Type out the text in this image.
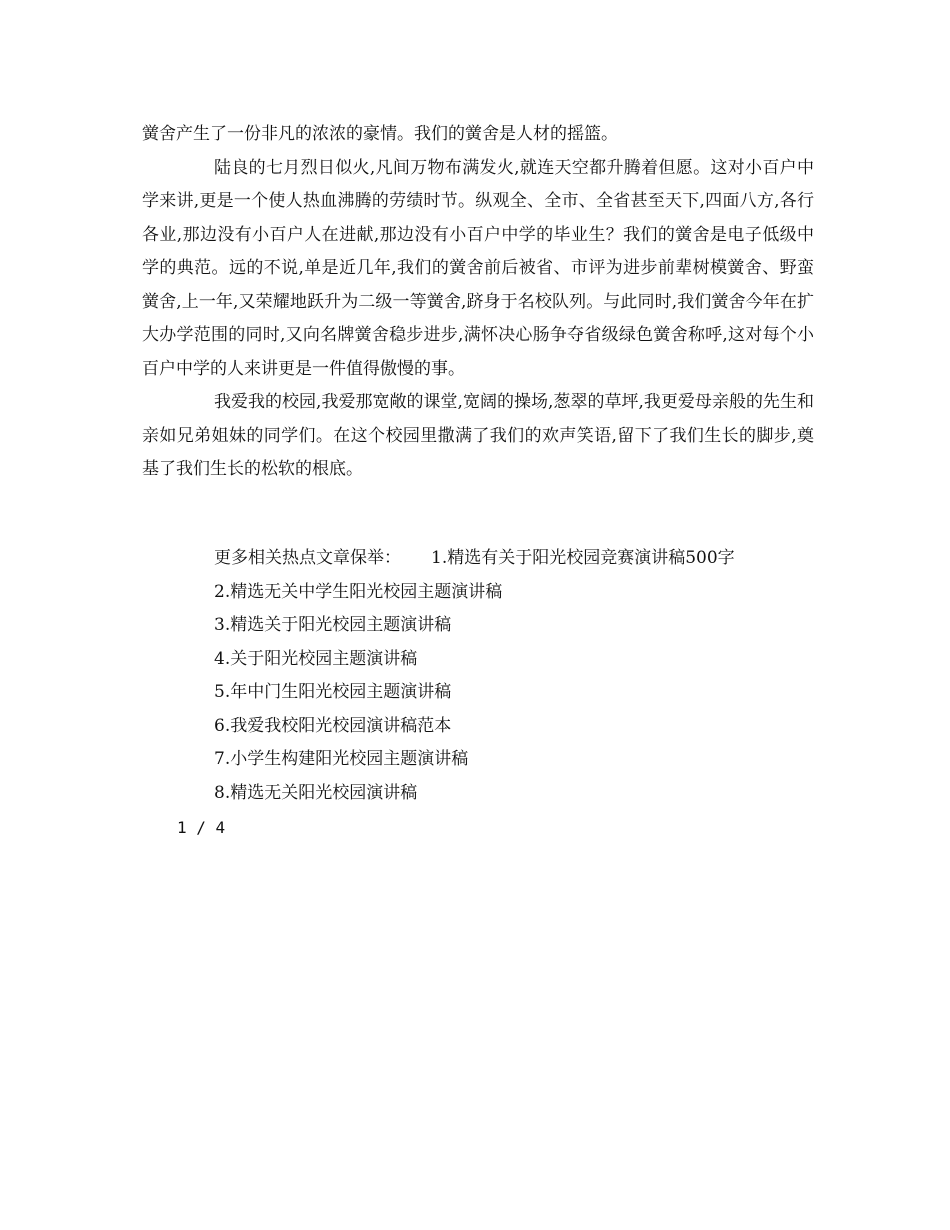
黉舍产生了一份非凡的浓浓的豪情。我们的黉舍是人材的摇篮。

陆良的七月烈日似火,凡间万物布满发火,就连天空都升腾着但愿。这对小百户中学来讲,更是一个使人热血沸腾的劳绩时节。纵观全、全市、全省甚至天下,四面八方,各行各业,那边没有小百户人在进献,那边没有小百户中学的毕业生？我们的黉舍是电子低级中学的典范。远的不说,单是近几年,我们的黉舍前后被省、市评为进步前辈树模黉舍、野蛮黉舍,上一年,又荣耀地跃升为二级一等黉舍,跻身于名校队列。与此同时,我们黉舍今年在扩大办学范围的同时,又向名牌黉舍稳步进步,满怀决心肠争夺省级绿色黉舍称呼,这对每个小百户中学的人来讲更是一件值得傲慢的事。

我爱我的校园,我爱那宽敞的课堂,宽阔的操场,葱翠的草坪,我更爱母亲般的先生和亲如兄弟姐妹的同学们。在这个校园里撒满了我们的欢声笑语,留下了我们生长的脚步,奠基了我们生长的松软的根底。

更多相关热点文章保举： 1.精选有关于阳光校园竞赛演讲稿500字
2.精选无关中学生阳光校园主题演讲稿
3.精选关于阳光校园主题演讲稿
4.关于阳光校园主题演讲稿
5.年中门生阳光校园主题演讲稿
6.我爱我校阳光校园演讲稿范本
7.小学生构建阳光校园主题演讲稿
8.精选无关阳光校园演讲稿
1 / 4
